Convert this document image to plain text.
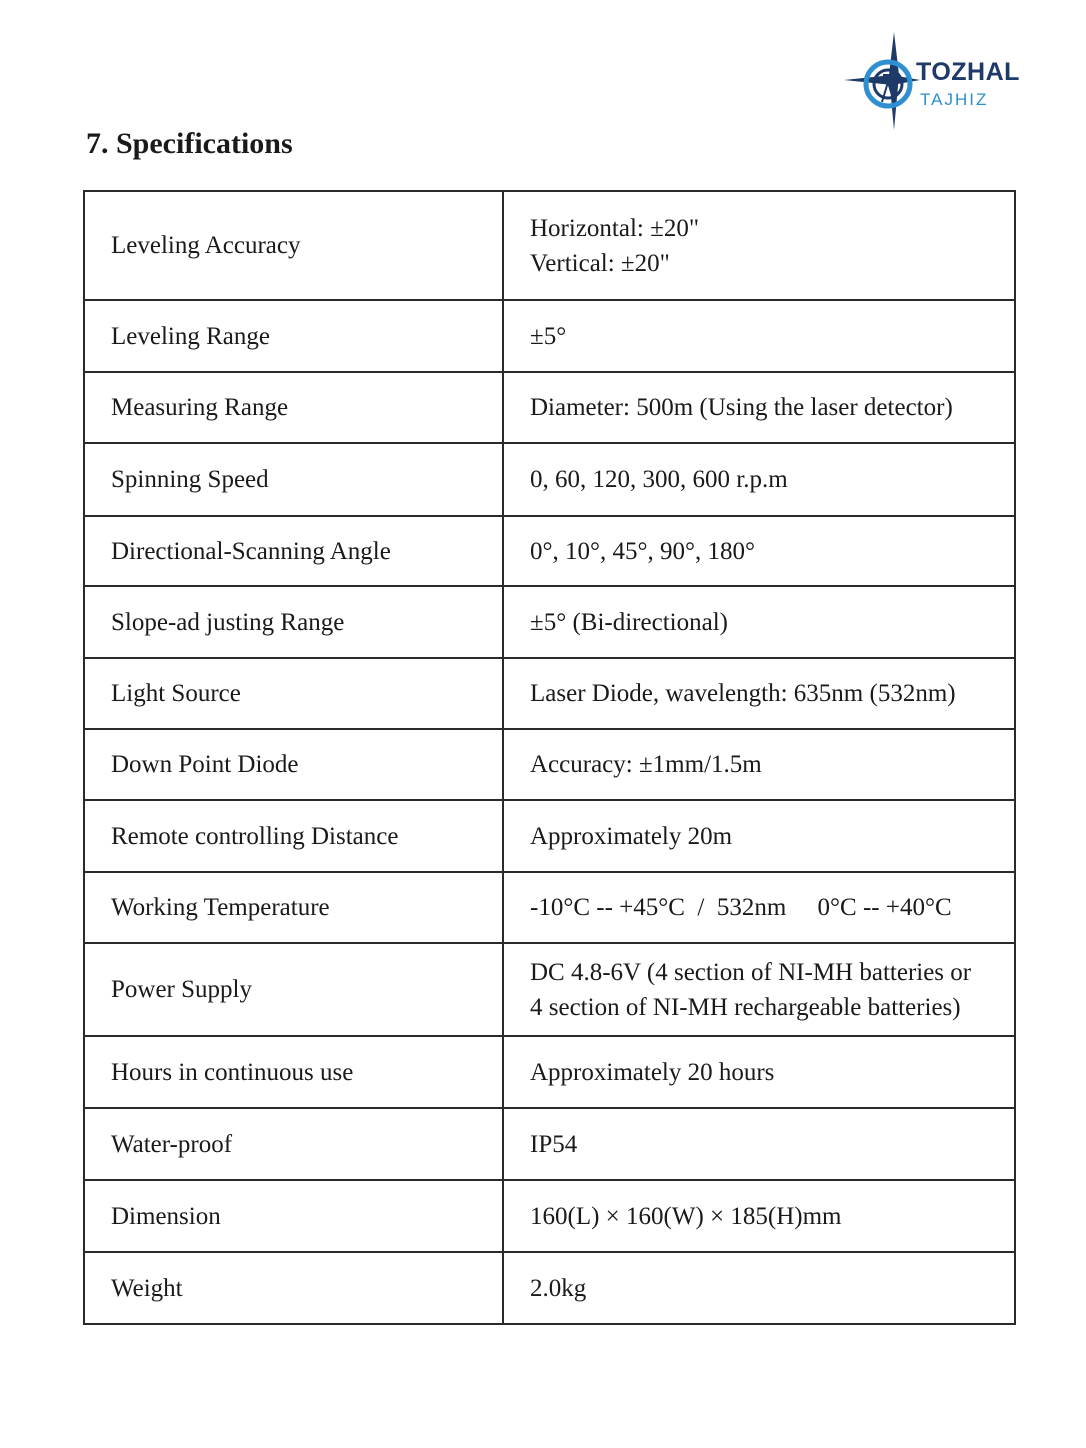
TOZHAL
TAJHIZ
7. Specifications
Leveling Accuracy	Horizontal: ±20"
Vertical: ±20"

Leveling Range	±5°

Measuring Range	Diameter: 500m (Using the laser detector)

Spinning Speed	0, 60, 120, 300, 600 r.p.m

Directional-Scanning Angle	0°, 10°, 45°, 90°, 180°

Slope-ad justing Range	±5° (Bi-directional)

Light Source	Laser Diode, wavelength: 635nm (532nm)

Down Point Diode	Accuracy: ±1mm/1.5m

Remote controlling Distance	Approximately 20m

Working Temperature	-10°C -- +45°C  /  532nm     0°C -- +40°C

Power Supply	DC 4.8-6V (4 section of NI-MH batteries or
4 section of NI-MH rechargeable batteries)

Hours in continuous use	Approximately 20 hours

Water-proof	IP54

Dimension	160(L) × 160(W) × 185(H)mm

Weight	2.0kg
